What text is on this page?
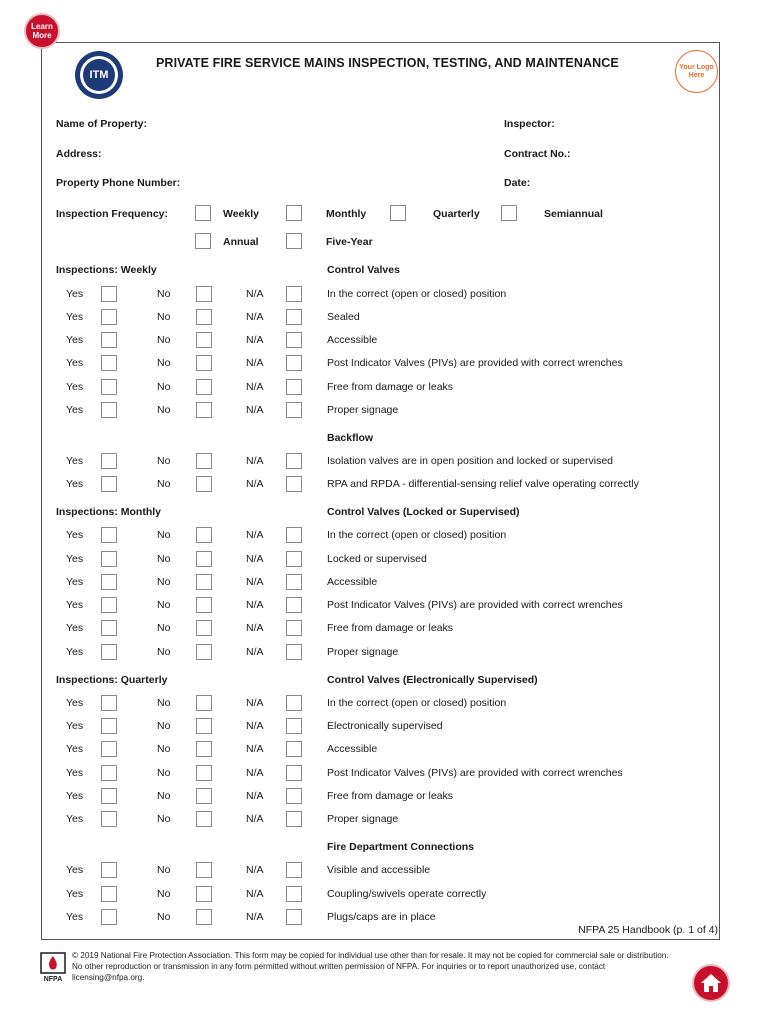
Learn More
ITM
PRIVATE FIRE SERVICE MAINS INSPECTION, TESTING, AND MAINTENANCE	Your Logo Here
Name of Property:	Inspector:
Address:	Contract No.:
Property Phone Number:	Date:
Inspection Frequency:	Weekly	Monthly	Quarterly	Semiannual
Annual	Five-Year
Inspections: Weekly	Control Valves
Yes	No	N/A	In the correct (open or closed) position
Yes	No	N/A	Sealed
Yes	No	N/A	Accessible
Yes	No	N/A	Post Indicator Valves (PIVs) are provided with correct wrenches
Yes	No	N/A	Free from damage or leaks
Yes	No	N/A	Proper signage
Backflow
Yes	No	N/A	Isolation valves are in open position and locked or supervised
Yes	No	N/A	RPA and RPDA - differential-sensing relief valve operating correctly
Inspections: Monthly	Control Valves (Locked or Supervised)
Yes	No	N/A	In the correct (open or closed) position
Yes	No	N/A	Locked or supervised
Yes	No	N/A	Accessible
Yes	No	N/A	Post Indicator Valves (PIVs) are provided with correct wrenches
Yes	No	N/A	Free from damage or leaks
Yes	No	N/A	Proper signage
Inspections: Quarterly	Control Valves (Electronically Supervised)
Yes	No	N/A	In the correct (open or closed) position
Yes	No	N/A	Electronically supervised
Yes	No	N/A	Accessible
Yes	No	N/A	Post Indicator Valves (PIVs) are provided with correct wrenches
Yes	No	N/A	Free from damage or leaks
Yes	No	N/A	Proper signage
Fire Department Connections
Yes	No	N/A	Visible and accessible
Yes	No	N/A	Coupling/swivels operate correctly
Yes	No	N/A	Plugs/caps are in place
NFPA 25 Handbook (p. 1 of 4)
NFPA
© 2019 National Fire Protection Association. This form may be copied for individual use other than for resale. It may not be copied for commercial sale or distribution. No other reproduction or transmission in any form permitted without written permission of NFPA. For inquiries or to report unauthorized use, contact licensing@nfpa.org.
